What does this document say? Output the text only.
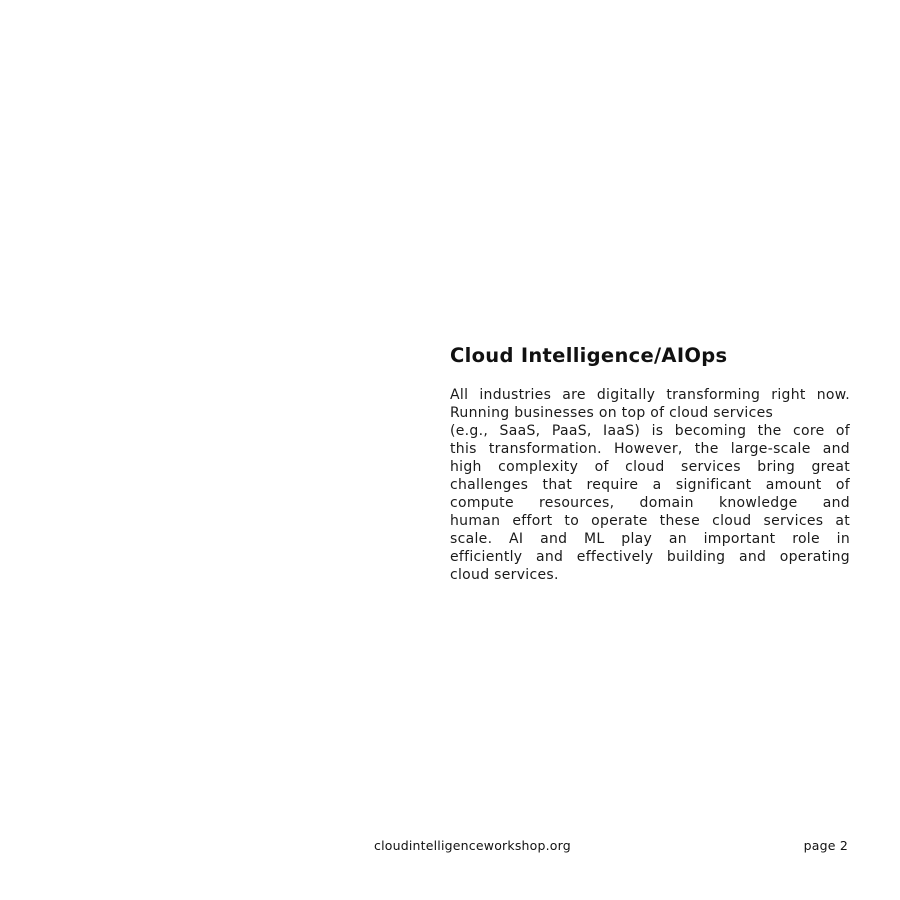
Cloud Intelligence/AIOps
All industries are digitally transforming right now.
Running businesses on top of cloud services
(e.g., SaaS, PaaS, IaaS) is becoming the core of
this transformation. However, the large-scale and
high complexity of cloud services bring great
challenges that require a significant amount of
compute resources, domain knowledge and
human effort to operate these cloud services at
scale. AI and ML play an important role in
efficiently and effectively building and operating
cloud services.
cloudintelligenceworkshop.org	page 2
